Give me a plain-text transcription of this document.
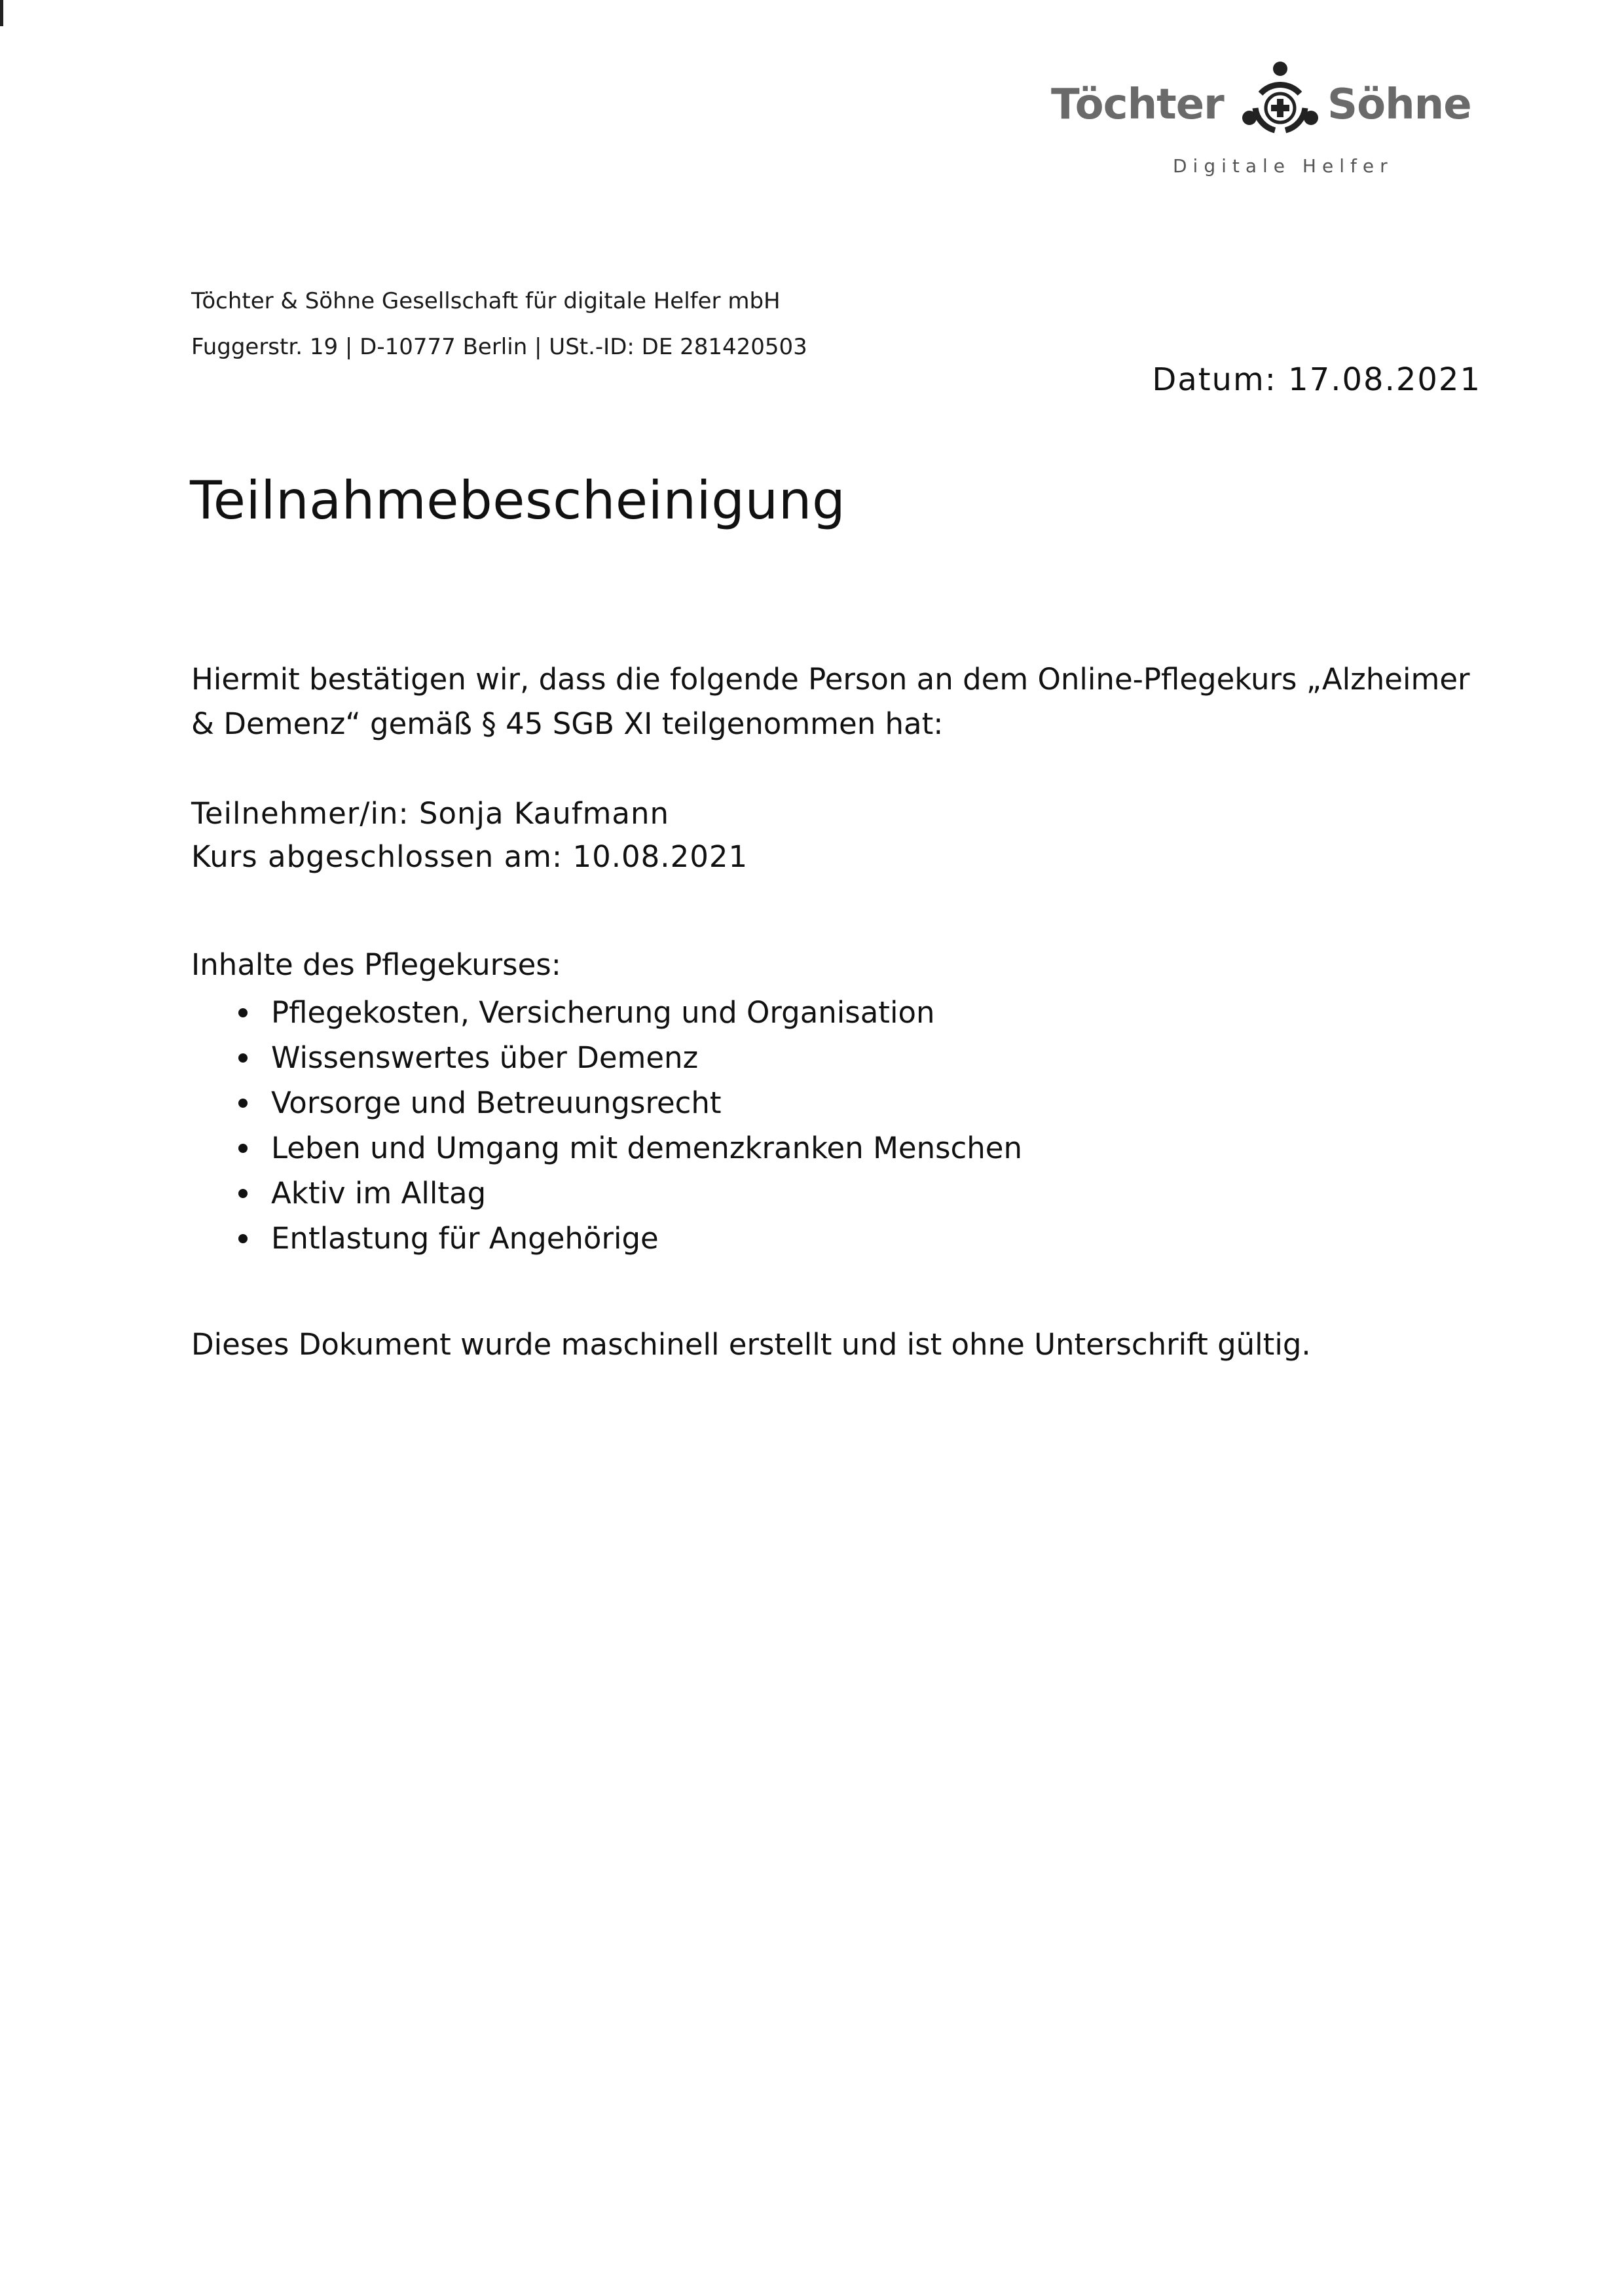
Töchter Söhne
Digitale Helfer
Töchter & Söhne Gesellschaft für digitale Helfer mbH
Fuggerstr. 19 | D-10777 Berlin | USt.-ID: DE 281420503
Datum: 17.08.2021
Teilnahmebescheinigung
Hiermit bestätigen wir, dass die folgende Person an dem Online-Pflegekurs „Alzheimer
& Demenz“ gemäß § 45 SGB XI teilgenommen hat:
Teilnehmer/in: Sonja Kaufmann
Kurs abgeschlossen am: 10.08.2021
Inhalte des Pflegekurses:
Pflegekosten, Versicherung und Organisation
Wissenswertes über Demenz
Vorsorge und Betreuungsrecht
Leben und Umgang mit demenzkranken Menschen
Aktiv im Alltag
Entlastung für Angehörige
Dieses Dokument wurde maschinell erstellt und ist ohne Unterschrift gültig.
